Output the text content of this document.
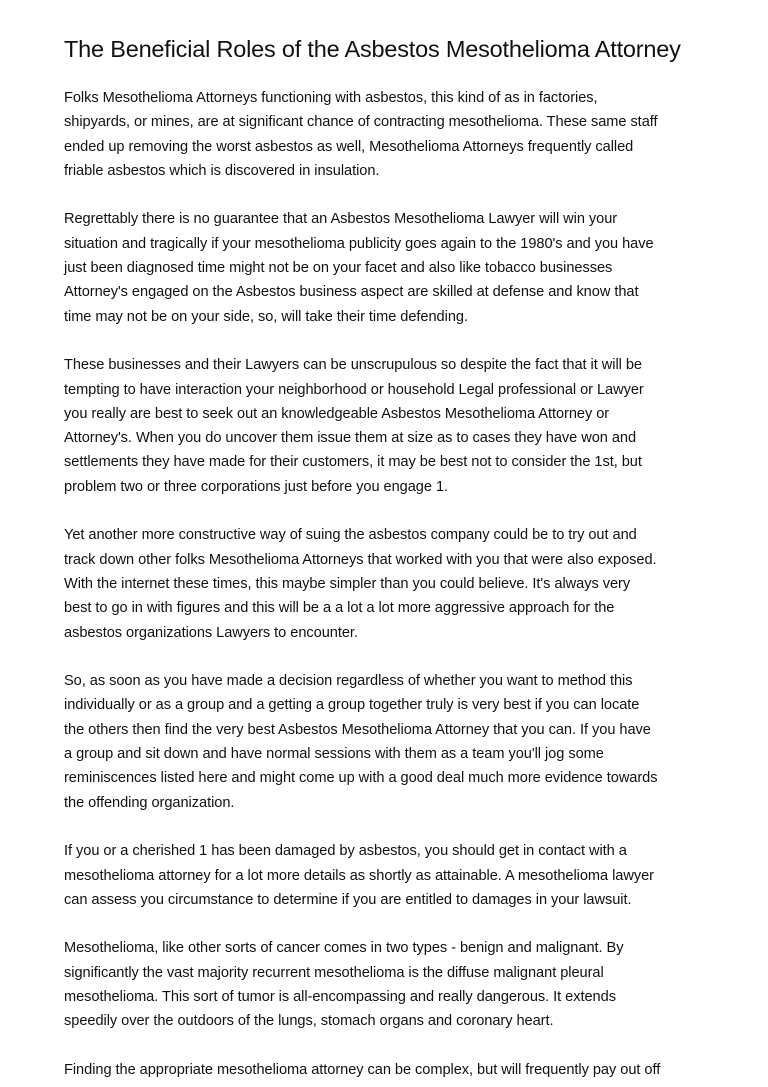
The Beneficial Roles of the Asbestos Mesothelioma Attorney

Folks Mesothelioma Attorneys functioning with asbestos, this kind of as in factories,
shipyards, or mines, are at significant chance of contracting mesothelioma. These same staff
ended up removing the worst asbestos as well, Mesothelioma Attorneys frequently called
friable asbestos which is discovered in insulation.

Regrettably there is no guarantee that an Asbestos Mesothelioma Lawyer will win your
situation and tragically if your mesothelioma publicity goes again to the 1980's and you have
just been diagnosed time might not be on your facet and also like tobacco businesses
Attorney's engaged on the Asbestos business aspect are skilled at defense and know that
time may not be on your side, so, will take their time defending.

These businesses and their Lawyers can be unscrupulous so despite the fact that it will be
tempting to have interaction your neighborhood or household Legal professional or Lawyer
you really are best to seek out an knowledgeable Asbestos Mesothelioma Attorney or
Attorney's. When you do uncover them issue them at size as to cases they have won and
settlements they have made for their customers, it may be best not to consider the 1st, but
problem two or three corporations just before you engage 1.

Yet another more constructive way of suing the asbestos company could be to try out and
track down other folks Mesothelioma Attorneys that worked with you that were also exposed.
With the internet these times, this maybe simpler than you could believe. It's always very
best to go in with figures and this will be a a lot a lot more aggressive approach for the
asbestos organizations Lawyers to encounter.

So, as soon as you have made a decision regardless of whether you want to method this
individually or as a group and a getting a group together truly is very best if you can locate
the others then find the very best Asbestos Mesothelioma Attorney that you can. If you have
a group and sit down and have normal sessions with them as a team you'll jog some
reminiscences listed here and might come up with a good deal much more evidence towards
the offending organization.

If you or a cherished 1 has been damaged by asbestos, you should get in contact with a
mesothelioma attorney for a lot more details as shortly as attainable. A mesothelioma lawyer
can assess you circumstance to determine if you are entitled to damages in your lawsuit.

Mesothelioma, like other sorts of cancer comes in two types - benign and malignant. By
significantly the vast majority recurrent mesothelioma is the diffuse malignant pleural
mesothelioma. This sort of tumor is all-encompassing and really dangerous. It extends
speedily over the outdoors of the lungs, stomach organs and coronary heart.

Finding the appropriate mesothelioma attorney can be complex, but will frequently pay out off
